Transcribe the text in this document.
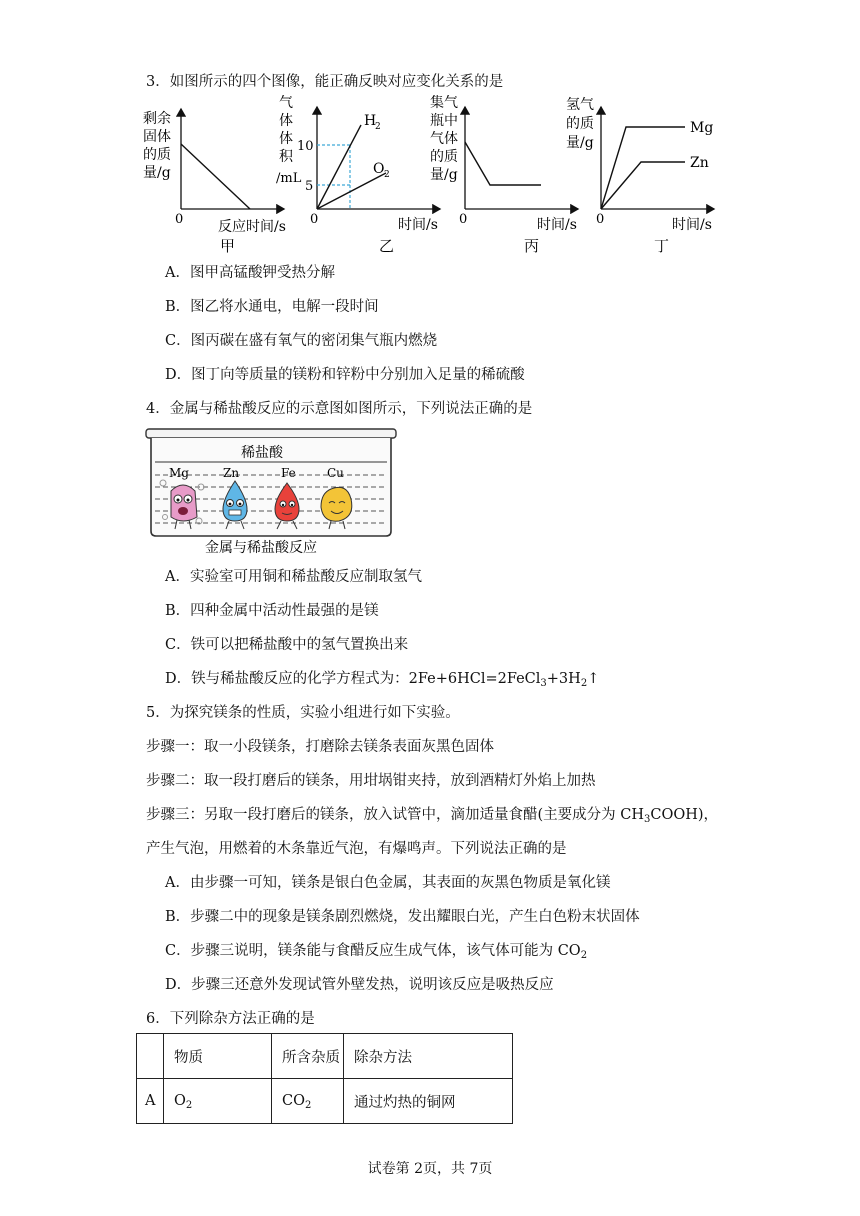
3．如图所示的四个图像，能正确反映对应变化关系的是
剩余
固体
的质
量/g
0 反应时间/s
甲
气
体
体
积
/mL
10
5
H
2
O 2
0	时间/s
乙
集气
瓶中
气体
的质
量/g
0	时间/s
丙
氢气
的质
量/g
Mg
Zn
0	时间/s
丁
A．图甲高锰酸钾受热分解
B．图乙将水通电，电解一段时间
C．图丙碳在盛有氧气的密闭集气瓶内燃烧
D．图丁向等质量的镁粉和锌粉中分别加入足量的稀硫酸
4．金属与稀盐酸反应的示意图如图所示，下列说法正确的是
稀盐酸
Mg	Zn	Fe	Cu
金属与稀盐酸反应
A．实验室可用铜和稀盐酸反应制取氢气
B．四种金属中活动性最强的是镁
C．铁可以把稀盐酸中的氢气置换出来
D．铁与稀盐酸反应的化学方程式为：$2Fe+6HCl=2FeCl_3+3H_2↑$
5．为探究镁条的性质，实验小组进行如下实验。
步骤一：取一小段镁条，打磨除去镁条表面灰黑色固体
步骤二：取一段打磨后的镁条，用坩埚钳夹持，放到酒精灯外焰上加热
步骤三：另取一段打磨后的镁条，放入试管中，滴加适量食醋(主要成分为 $CH_3COOH$)，
产生气泡，用燃着的木条靠近气泡，有爆鸣声。下列说法正确的是
A．由步骤一可知，镁条是银白色金属，其表面的灰黑色物质是氧化镁
B．步骤二中的现象是镁条剧烈燃烧，发出耀眼白光，产生白色粉末状固体
C．步骤三说明，镁条能与食醋反应生成气体，该气体可能为 $CO_2$
D．步骤三还意外发现试管外壁发热，说明该反应是吸热反应
6．下列除杂方法正确的是
	物质	所含杂质	除杂方法
A	$O_2$	$CO_2$	通过灼热的铜网
试卷第 2页，共 7页
